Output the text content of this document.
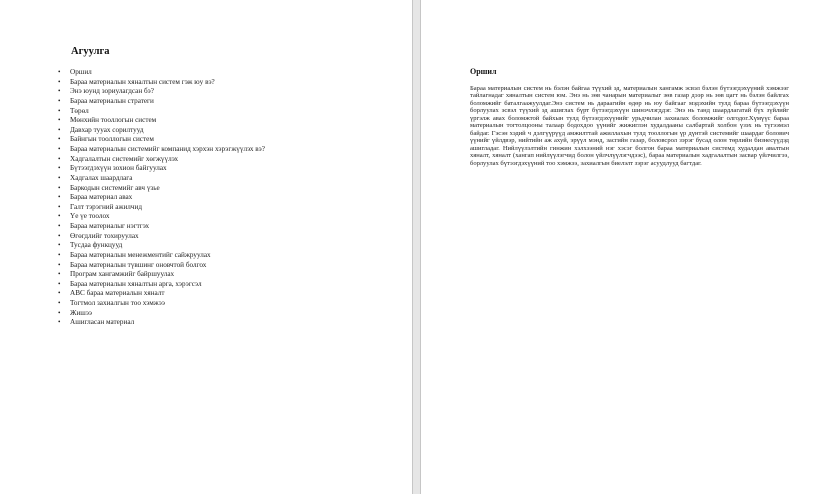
Агуулга
• Оршил
• Бараа материалын хяналтын систем гэж юу вэ?
• Энэ юунд зориулагдсан бэ?
• Бараа материалын стратеги
• Төрөл
• Мөнхийн тооллогын систем
• Давхар тууах сорилтууд
• Байнгын тооллогын систем
• Бараа материалын системийг компанид хэрхэн хэрэгжүүлэх вэ?
• Хадгалалтын системийг хөгжүүлэх
• Бүтээгдэхүүн зохион байгуулах
• Хадгалах шаардлага
• Баркодын системийг авч үзье
• Бараа материал авах
• Галт тэрэгний ажилчид
• Үе үе тоолох
• Бараа материалыг нэгтгэх
• Өгөгдлийг тохируулах
• Тусдаа функцууд
• Бараа материалын менежментийг сайжруулах
• Бараа материалын түвшинг оновчтой болгох
• Програм хангамжийг байршуулах
• Бараа материалын хяналтын арга, хэрэгсэл
• ABC бараа материалын хяналт
• Тогтмол захиалгын тоо хэмжээ
• Жишээ
• Ашигласан материал
Оршил

Бараа материалын систем нь бэлэн байгаа түүхий эд, материалын хангамж эсвэл бэлэн бүтээгдэхүүний хэмжээг тайлагнадаг хяналтын систем юм. Энэ нь зөв чанарын материалыг зөв газар дээр нь зөв цагт нь бэлэн байлгах боломжийг баталгаажуулдаг.Энэ систем нь дараагийн өдөр нь юу байгааг мэдэхийн тулд бараа бүтээгдэхүүн борлуулах эсвэл түүхий эд ашиглах бүрт бүтээгдэхүүн шинэчлэгддэг. Энэ нь танд шаардлагатай бүх зүйлийг үргэлж авах боломжтой байхын тулд бүтээгдэхүүнийг урьдчилан захиалах боломжийг олгодог.Хүмүүс бараа материалын тогтолцооны талаар бодохдоо үүнийг жижиглэн худалдааны салбартай холбон үзэх нь түгээмэл байдаг. Гэсэн хэдий ч дэлгүүрүүд амжилттай ажиллахын тулд тооллогын үр дүнтэй системийг шаардаг болович үүнийг үйлдвэр, нийтийн аж ахуй, эрүүл мэнд, засгийн газар, боловсрол зэрэг бусад олон төрлийн бизнесүүдэд ашигладаг. Нийлүүлэлтийн гинжин хэлхээний нэг хэсэг болгон бараа материалын системд худалдан авалтын хяналт, хяналт (хангап нийлүүлэгчид болон үйлчлүүлэгчдээс), бараа материалын хадгалалтын засвар үйлчилгээ, борлуулах бүтээгдэхүүний тоо хэмжээ, захиалгын биелэлт зэрэг асуудлууд багтдаг.
